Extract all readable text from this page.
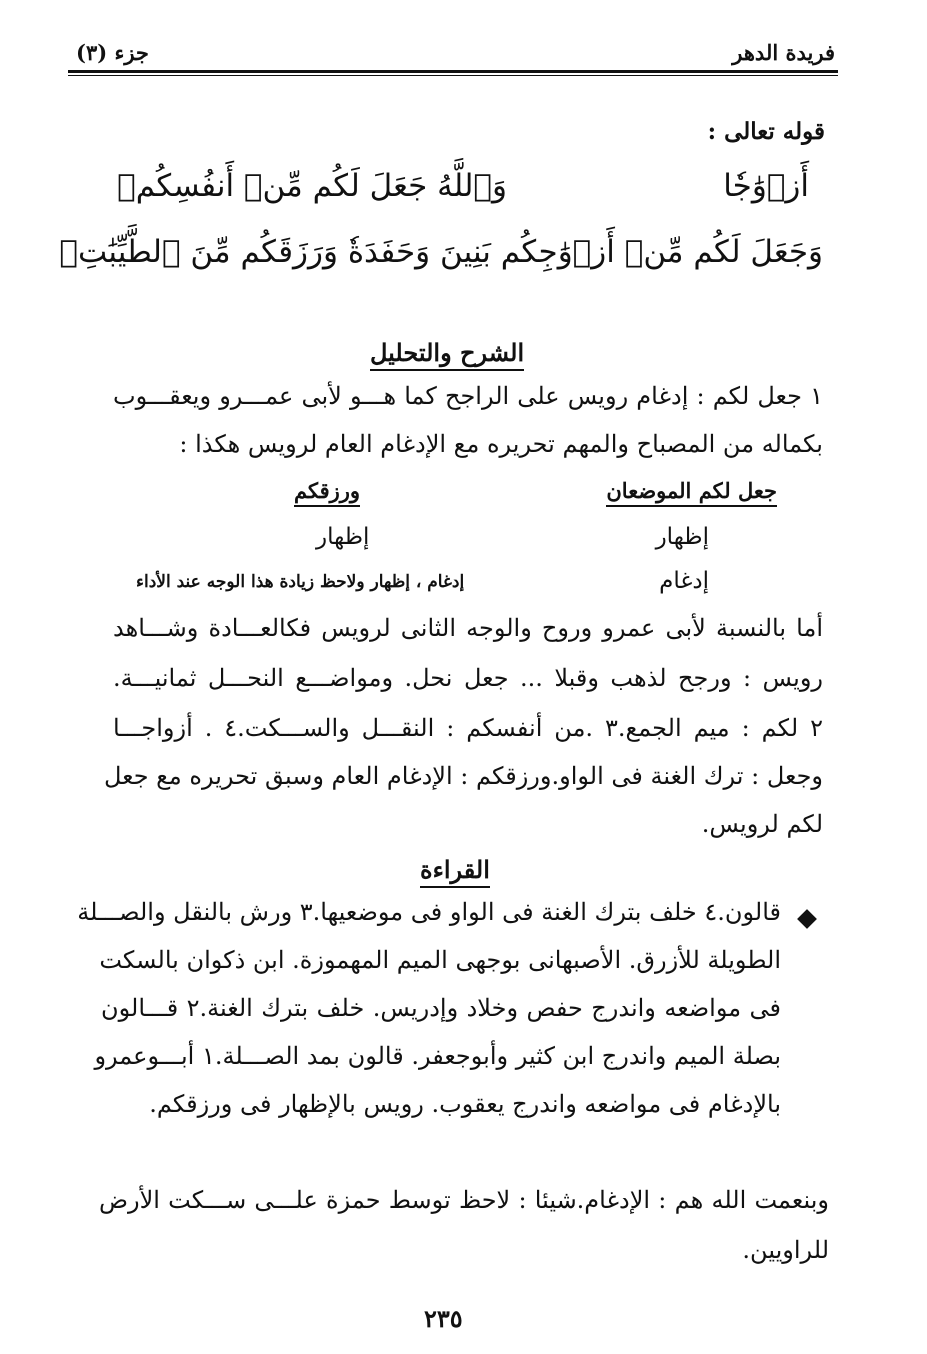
فريدة الدهر
جزء (٣)
قوله تعالى :
وَٱللَّهُ جَعَلَ لَكُم مِّنۡ أَنفُسِكُمۡ	أَزۡوَٰجٗا
وَجَعَلَ لَكُم مِّنۡ أَزۡوَٰجِكُم بَنِينَ وَحَفَدَةٗ وَرَزَقَكُم مِّنَ ٱلطَّيِّبَٰتِۚ
الشرح والتحليل
١ جعل لكم : إدغام رويس على الراجح كما هـــو لأبى عمـــرو ويعقـــوب
بكماله من المصباح والمهم تحريره مع الإدغام العام لرويس هكذا :
جعل لكم الموضعان
ورزقكم
إظهار
إظهار
إدغام
إدغام ، إظهار ولاحظ زيادة هذا الوجه عند الأداء
أما بالنسبة لأبى عمرو وروح والوجه الثانى لرويس فكالعـــادة وشـــاهد
رويس : ورجح لذهب وقبلا ... جعل نحل. ومواضـــع النحـــل ثمانيـــة.
٢ لكم : ميم الجمع.٣ .من أنفسكم : النقـــل والســـكت.٤ . أزواجـــا
وجعل : ترك الغنة فى الواو.ورزقكم : الإدغام العام وسبق تحريره مع جعل
لكم لرويس.
القراءة
قالون.٤ خلف بترك الغنة فى الواو فى موضعيها.٣ ورش بالنقل والصـــلة
الطويلة للأزرق. الأصبهانى بوجهى الميم المهموزة. ابن ذكوان بالسكت
فى مواضعه واندرج حفص وخلاد وإدريس. خلف بترك الغنة.٢ قـــالون
بصلة الميم واندرج ابن كثير وأبوجعفر. قالون بمد الصـــلة.١ أبـــوعمرو
بالإدغام فى مواضعه واندرج يعقوب. رويس بالإظهار فى ورزقكم.
وبنعمت الله هم : الإدغام.شيئا : لاحظ توسط حمزة علـــى ســـكت الأرض
للراويين.
٢٣٥
